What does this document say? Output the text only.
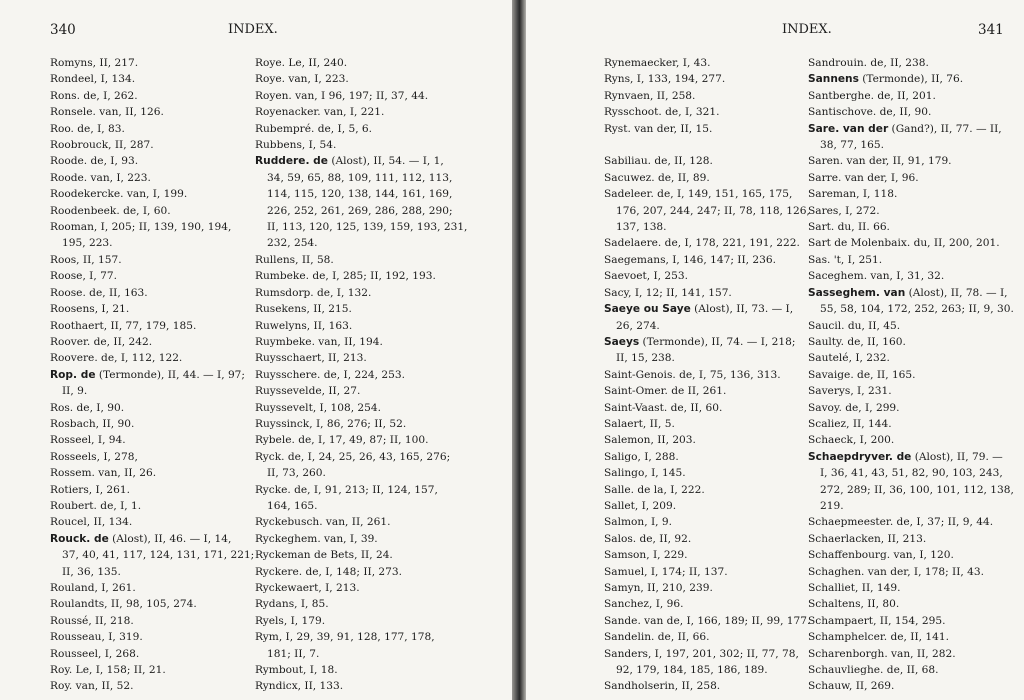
340	INDEX.
Romyns, II, 217.
Rondeel, I, 134.
Rons. de, I, 262.
Ronsele. van, II, 126.
Roo. de, I, 83.
Roobrouck, II, 287.
Roode. de, I, 93.
Roode. van, I, 223.
Roodekercke. van, I, 199.
Roodenbeek. de, I, 60.
Rooman, I, 205; II, 139, 190, 194,
195, 223.
Roos, II, 157.
Roose, I, 77.
Roose. de, II, 163.
Roosens, I, 21.
Roothaert, II, 77, 179, 185.
Roover. de, II, 242.
Roovere. de, I, 112, 122.
Rop. de (Termonde), II, 44. — I, 97;
II, 9.
Ros. de, I, 90.
Rosbach, II, 90.
Rosseel, I, 94.
Rosseels, I, 278,
Rossem. van, II, 26.
Rotiers, I, 261.
Roubert. de, I, 1.
Roucel, II, 134.
Rouck. de (Alost), II, 46. — I, 14,
37, 40, 41, 117, 124, 131, 171, 221;
II, 36, 135.
Rouland, I, 261.
Roulandts, II, 98, 105, 274.
Roussé, II, 218.
Rousseau, I, 319.
Rousseel, I, 268.
Roy. Le, I, 158; II, 21.
Roy. van, II, 52.
Roye. Le, II, 240.
Roye. van, I, 223.
Royen. van, I 96, 197; II, 37, 44.
Royenacker. van, I, 221.
Rubempré. de, I, 5, 6.
Rubbens, I, 54.
Ruddere. de (Alost), II, 54. — I, 1,
34, 59, 65, 88, 109, 111, 112, 113,
114, 115, 120, 138, 144, 161, 169,
226, 252, 261, 269, 286, 288, 290;
II, 113, 120, 125, 139, 159, 193, 231,
232, 254.
Rullens, II, 58.
Rumbeke. de, I, 285; II, 192, 193.
Rumsdorp. de, I, 132.
Rusekens, II, 215.
Ruwelyns, II, 163.
Ruymbeke. van, II, 194.
Ruysschaert, II, 213.
Ruysschere. de, I, 224, 253.
Ruyssevelde, II, 27.
Ruyssevelt, I, 108, 254.
Ruyssinck, I, 86, 276; II, 52.
Rybele. de, I, 17, 49, 87; II, 100.
Ryck. de, I, 24, 25, 26, 43, 165, 276;
II, 73, 260.
Rycke. de, I, 91, 213; II, 124, 157,
164, 165.
Ryckebusch. van, II, 261.
Ryckeghem. van, I, 39.
Ryckeman de Bets, II, 24.
Ryckere. de, I, 148; II, 273.
Ryckewaert, I, 213.
Rydans, I, 85.
Ryels, I, 179.
Rym, I, 29, 39, 91, 128, 177, 178,
181; II, 7.
Rymbout, I, 18.
Ryndicx, II, 133.
INDEX.	341
Rynemaecker, I, 43.
Ryns, I, 133, 194, 277.
Rynvaen, II, 258.
Rysschoot. de, I, 321.
Ryst. van der, II, 15.

Sabiliau. de, II, 128.
Sacuwez. de, II, 89.
Sadeleer. de, I, 149, 151, 165, 175,
176, 207, 244, 247; II, 78, 118, 126,
137, 138.
Sadelaere. de, I, 178, 221, 191, 222.
Saegemans, I, 146, 147; II, 236.
Saevoet, I, 253.
Sacy, I, 12; II, 141, 157.
Saeye ou Saye (Alost), II, 73. — I,
26, 274.
Saeys (Termonde), II, 74. — I, 218;
II, 15, 238.
Saint-Genois. de, I, 75, 136, 313.
Saint-Omer. de II, 261.
Saint-Vaast. de, II, 60.
Salaert, II, 5.
Salemon, II, 203.
Saligo, I, 288.
Salingo, I, 145.
Salle. de la, I, 222.
Sallet, I, 209.
Salmon, I, 9.
Salos. de, II, 92.
Samson, I, 229.
Samuel, I, 174; II, 137.
Samyn, II, 210, 239.
Sanchez, I, 96.
Sande. van de, I, 166, 189; II, 99, 177.
Sandelin. de, II, 66.
Sanders, I, 197, 201, 302; II, 77, 78,
92, 179, 184, 185, 186, 189.
Sandholserin, II, 258.
Sandrouin. de, II, 238.
Sannens (Termonde), II, 76.
Santberghe. de, II, 201.
Santischove. de, II, 90.
Sare. van der (Gand?), II, 77. — II,
38, 77, 165.
Saren. van der, II, 91, 179.
Sarre. van der, I, 96.
Sareman, I, 118.
Sares, I, 272.
Sart. du, II. 66.
Sart de Molenbaix. du, II, 200, 201.
Sas. 't, I, 251.
Saceghem. van, I, 31, 32.
Sasseghem. van (Alost), II, 78. — I,
55, 58, 104, 172, 252, 263; II, 9, 30.
Saucil. du, II, 45.
Saulty. de, II, 160.
Sautelé, I, 232.
Savaige. de, II, 165.
Saverys, I, 231.
Savoy. de, I, 299.
Scaliez, II, 144.
Schaeck, I, 200.
Schaepdryver. de (Alost), II, 79. —
I, 36, 41, 43, 51, 82, 90, 103, 243,
272, 289; II, 36, 100, 101, 112, 138,
219.
Schaepmeester. de, I, 37; II, 9, 44.
Schaerlacken, II, 213.
Schaffenbourg. van, I, 120.
Schaghen. van der, I, 178; II, 43.
Schalliet, II, 149.
Schaltens, II, 80.
Schampaert, II, 154, 295.
Schamphelcer. de, II, 141.
Scharenborgh. van, II, 282.
Schauvlieghe. de, II, 68.
Schauw, II, 269.
